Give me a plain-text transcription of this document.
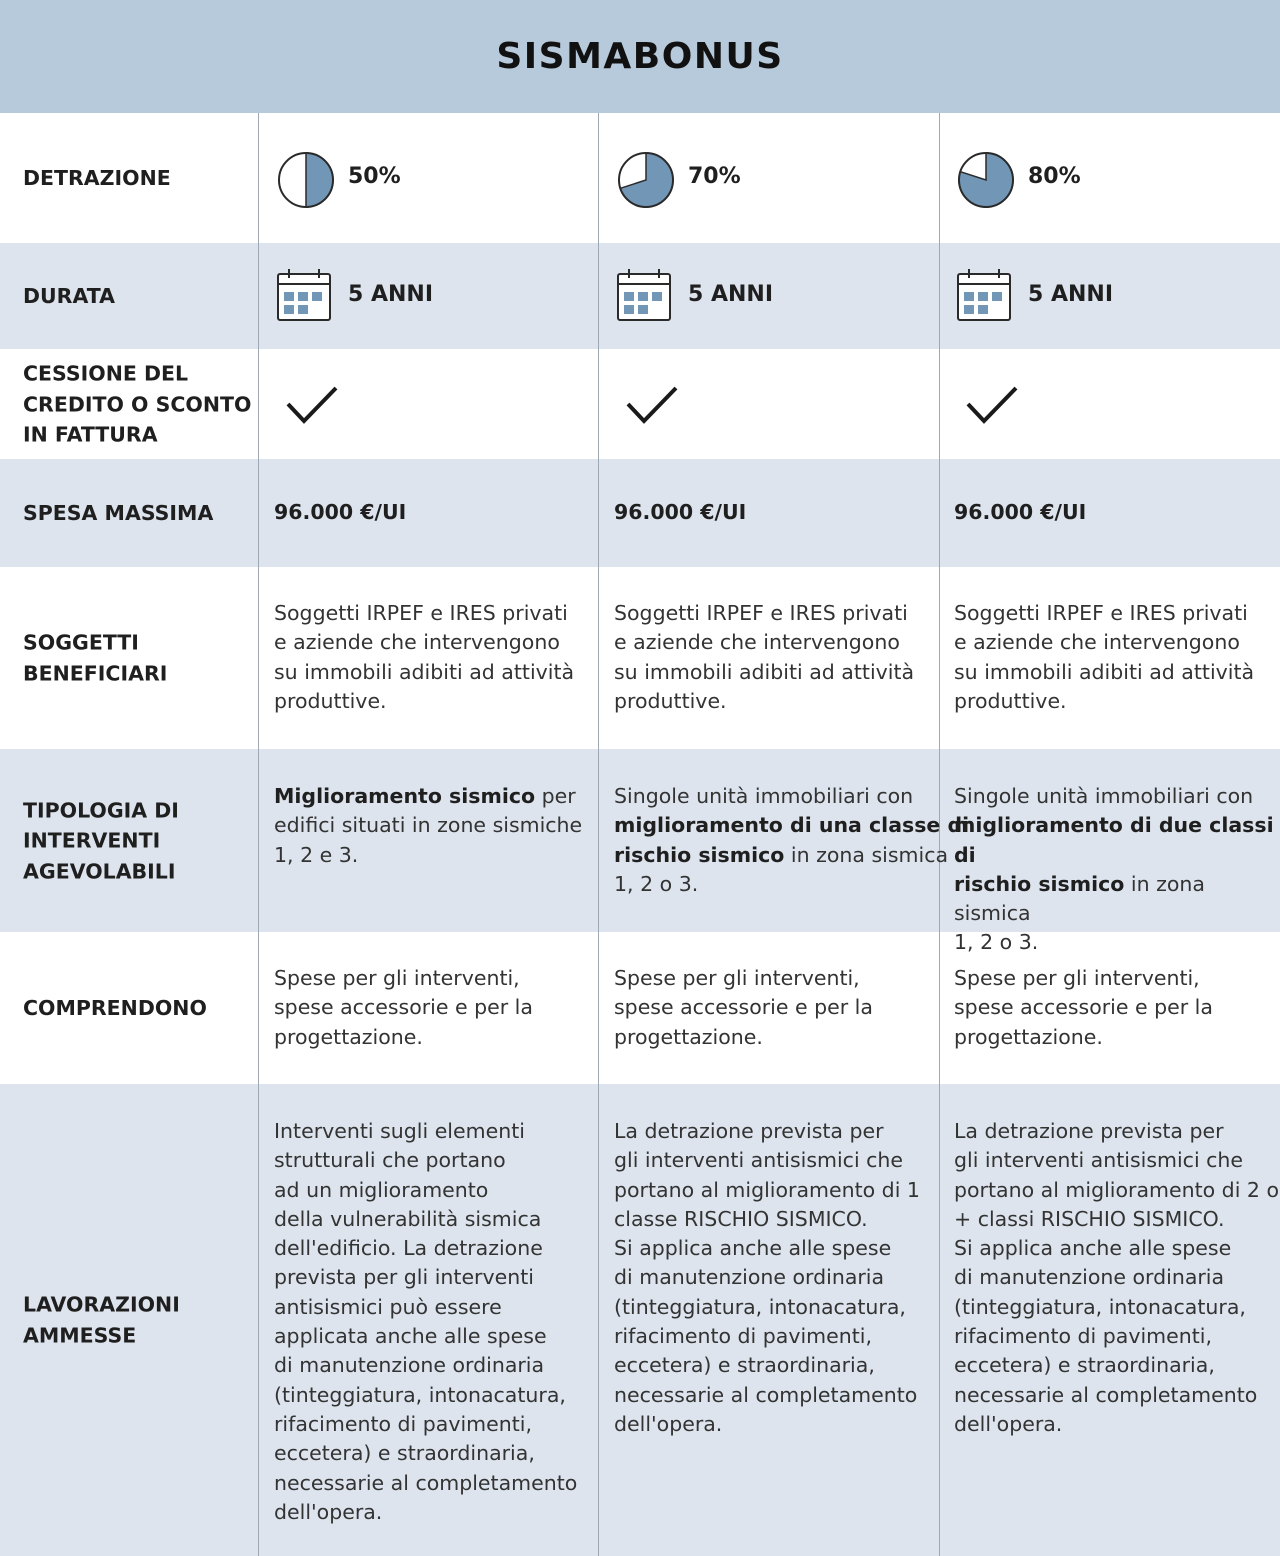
SISMABONUS
DETRAZIONE
DURATA
CESSIONE DEL
CREDITO O SCONTO
IN FATTURA
SPESA MASSIMA
SOGGETTI
BENEFICIARI
TIPOLOGIA DI
INTERVENTI
AGEVOLABILI
COMPRENDONO
LAVORAZIONI
AMMESSE
50%
5 ANNI
96.000 €/UI
Soggetti IRPEF e IRES privati
e aziende che intervengono
su immobili adibiti ad attività
produttive.
Miglioramento sismico per
edifici situati in zone sismiche
1, 2 e 3.
Spese per gli interventi,
spese accessorie e per la
progettazione.
Interventi sugli elementi
strutturali che portano
ad un miglioramento
della vulnerabilità sismica
dell'edificio. La detrazione
prevista per gli interventi
antisismici può essere
applicata anche alle spese
di manutenzione ordinaria
(tinteggiatura, intonacatura,
rifacimento di pavimenti,
eccetera) e straordinaria,
necessarie al completamento
dell'opera.
70%
5 ANNI
96.000 €/UI
Soggetti IRPEF e IRES privati
e aziende che intervengono
su immobili adibiti ad attività
produttive.
Singole unità immobiliari con
miglioramento di una classe di
rischio sismico in zona sismica
1, 2 o 3.
Spese per gli interventi,
spese accessorie e per la
progettazione.
La detrazione prevista per
gli interventi antisismici che
portano al miglioramento di 1
classe RISCHIO SISMICO.
Si applica anche alle spese
di manutenzione ordinaria
(tinteggiatura, intonacatura,
rifacimento di pavimenti,
eccetera) e straordinaria,
necessarie al completamento
dell'opera.
80%
5 ANNI
96.000 €/UI
Soggetti IRPEF e IRES privati
e aziende che intervengono
su immobili adibiti ad attività
produttive.
Singole unità immobiliari con
miglioramento di due classi di
rischio sismico in zona sismica
1, 2 o 3.
Spese per gli interventi,
spese accessorie e per la
progettazione.
La detrazione prevista per
gli interventi antisismici che
portano al miglioramento di 2 o
+ classi RISCHIO SISMICO.
Si applica anche alle spese
di manutenzione ordinaria
(tinteggiatura, intonacatura,
rifacimento di pavimenti,
eccetera) e straordinaria,
necessarie al completamento
dell'opera.
